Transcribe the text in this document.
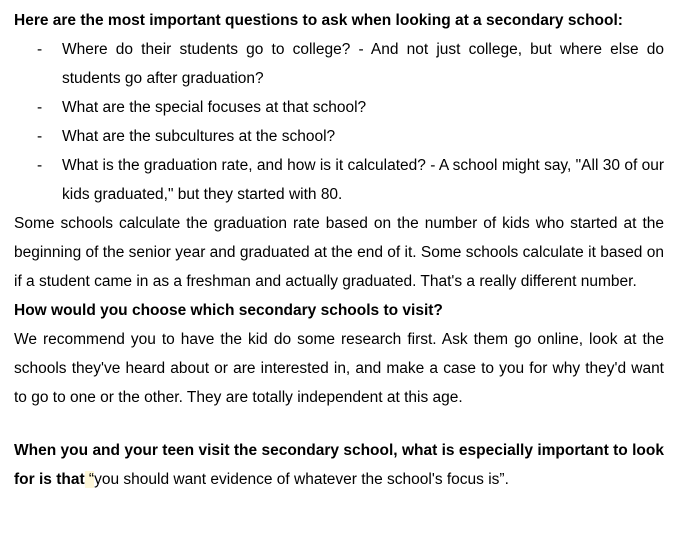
Here are the most important questions to ask when looking at a secondary school:

- Where do their students go to college? - And not just college, but where else do students go after graduation?
- What are the special focuses at that school?
- What are the subcultures at the school?
- What is the graduation rate, and how is it calculated? - A school might say, "All 30 of our kids graduated," but they started with 80.

Some schools calculate the graduation rate based on the number of kids who started at the beginning of the senior year and graduated at the end of it. Some schools calculate it based on if a student came in as a freshman and actually graduated. That's a really different number.

How would you choose which secondary schools to visit?

We recommend you to have the kid do some research first. Ask them go online, look at the schools they've heard about or are interested in, and make a case to you for why they'd want to go to one or the other. They are totally independent at this age.

When you and your teen visit the secondary school, what is especially important to look for is that “you should want evidence of whatever the school's focus is”.
